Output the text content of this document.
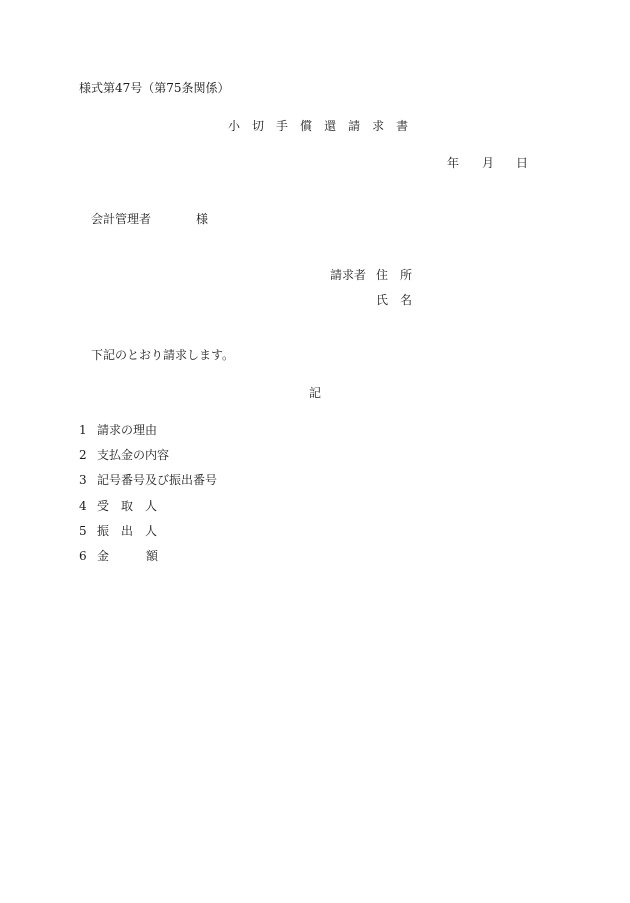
様式第47号（第75条関係）
小 切 手 償 還 請 求 書
年 月 日
会計管理者	様
請求者 住 所
氏 名
下記のとおり請求します。
記
1 請求の理由
2 支払金の内容
3 記号番号及び振出番号
4 受 取 人
5 振 出 人
6 金	額
